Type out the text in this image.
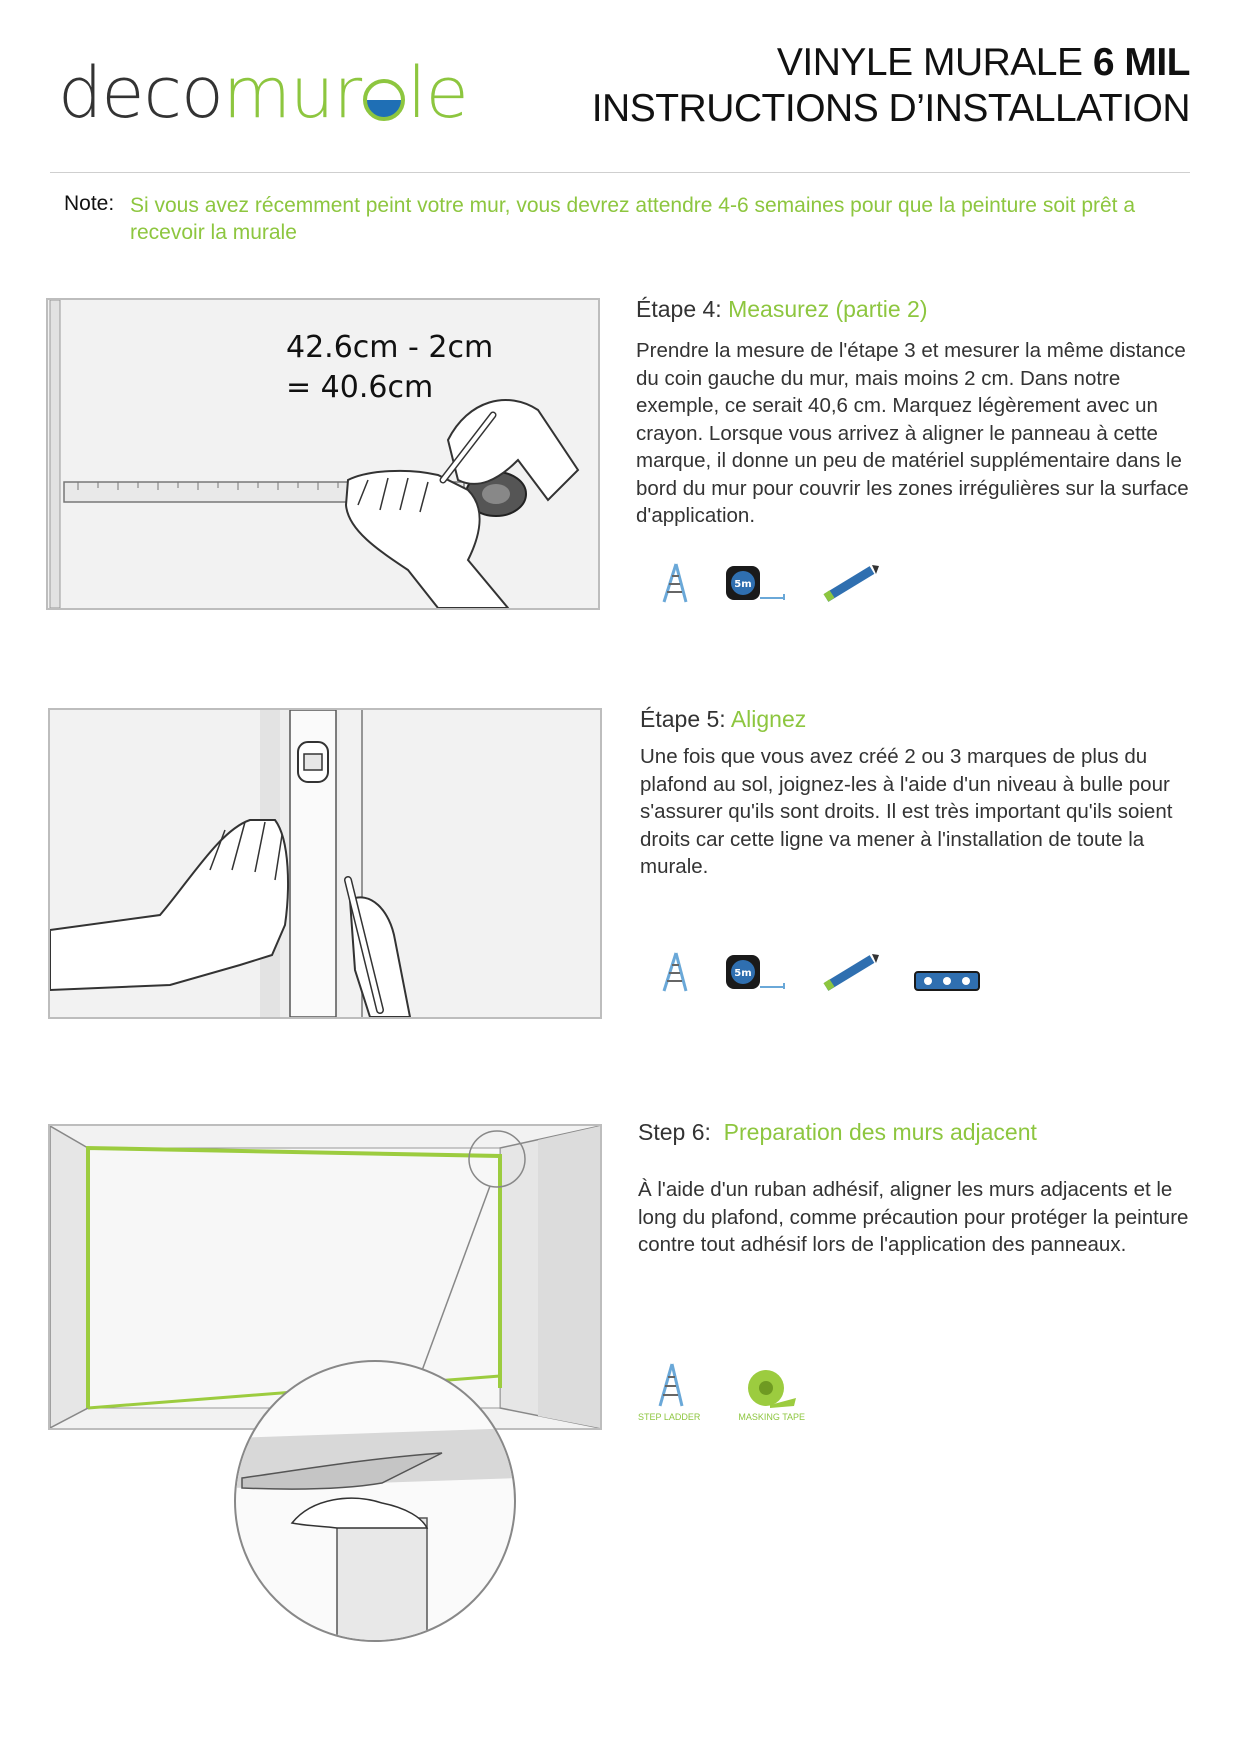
decomur le	VINYLE MURALE 6 MIL
INSTRUCTIONS D’INSTALLATION
Note: Si vous avez récemment peint votre mur, vous devrez attendre 4-6 semaines pour que la peinture soit prêt a recevoir la murale
42.6cm - 2cm
= 40.6cm
Étape 4: Measurez (partie 2)
Prendre la mesure de l'étape 3 et mesurer la même distance du coin gauche du mur, mais moins 2 cm. Dans notre exemple, ce serait 40,6 cm. Marquez légèrement avec un crayon. Lorsque vous arrivez à aligner le panneau à cette marque, il donne un peu de matériel supplémentaire dans le bord du mur pour couvrir les zones irrégulières sur la surface d'application.
5m
Étape 5: Alignez
Une fois que vous avez créé 2 ou 3 marques de plus du plafond au sol, joignez-les à l'aide d'un niveau à bulle pour s'assurer qu'ils sont droits. Il est très important qu'ils soient droits car cette ligne va mener à l'installation de toute la murale.
5m
Step 6: Preparation des murs adjacent
À l'aide d'un ruban adhésif, aligner les murs adjacents et le long du plafond, comme précaution pour protéger la peinture contre tout adhésif lors de l'application des panneaux.
STEP LADDER	MASKING TAPE
